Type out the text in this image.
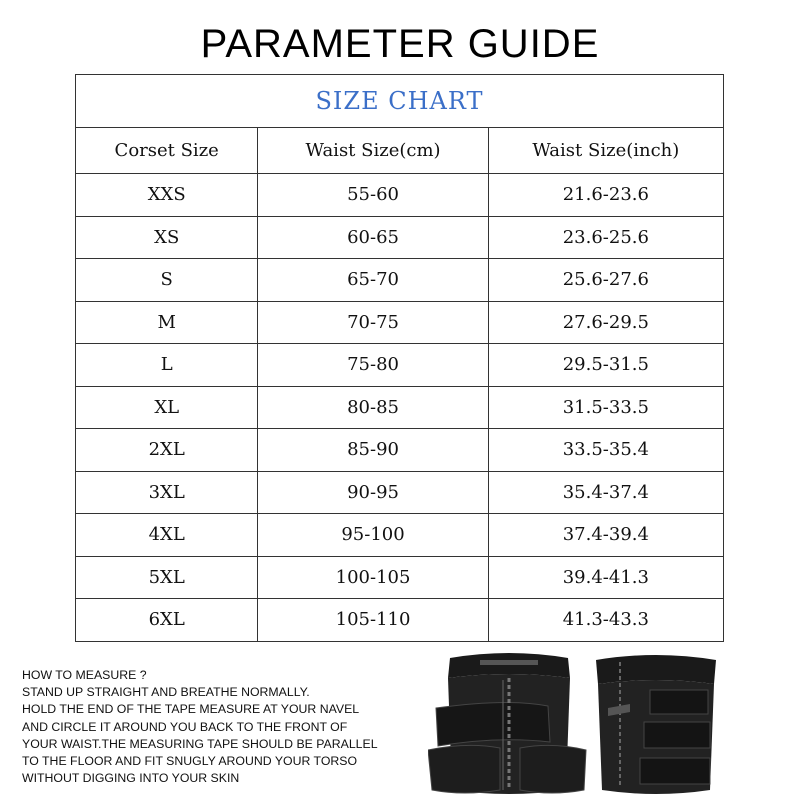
PARAMETER GUIDE
SIZE CHART		
Corset Size	Waist Size(cm)	Waist Size(inch)
XXS	55-60	21.6-23.6
XS	60-65	23.6-25.6
S	65-70	25.6-27.6
M	70-75	27.6-29.5
L	75-80	29.5-31.5
XL	80-85	31.5-33.5
2XL	85-90	33.5-35.4
3XL	90-95	35.4-37.4
4XL	95-100	37.4-39.4
5XL	100-105	39.4-41.3
6XL	105-110	41.3-43.3
HOW TO MEASURE ?
STAND UP STRAIGHT AND BREATHE NORMALLY.
HOLD THE END OF THE TAPE MEASURE AT YOUR NAVEL
AND CIRCLE IT AROUND YOU BACK TO THE FRONT OF
YOUR WAIST.THE MEASURING TAPE SHOULD BE PARALLEL
TO THE FLOOR AND FIT SNUGLY AROUND YOUR TORSO
WITHOUT DIGGING INTO YOUR SKIN
